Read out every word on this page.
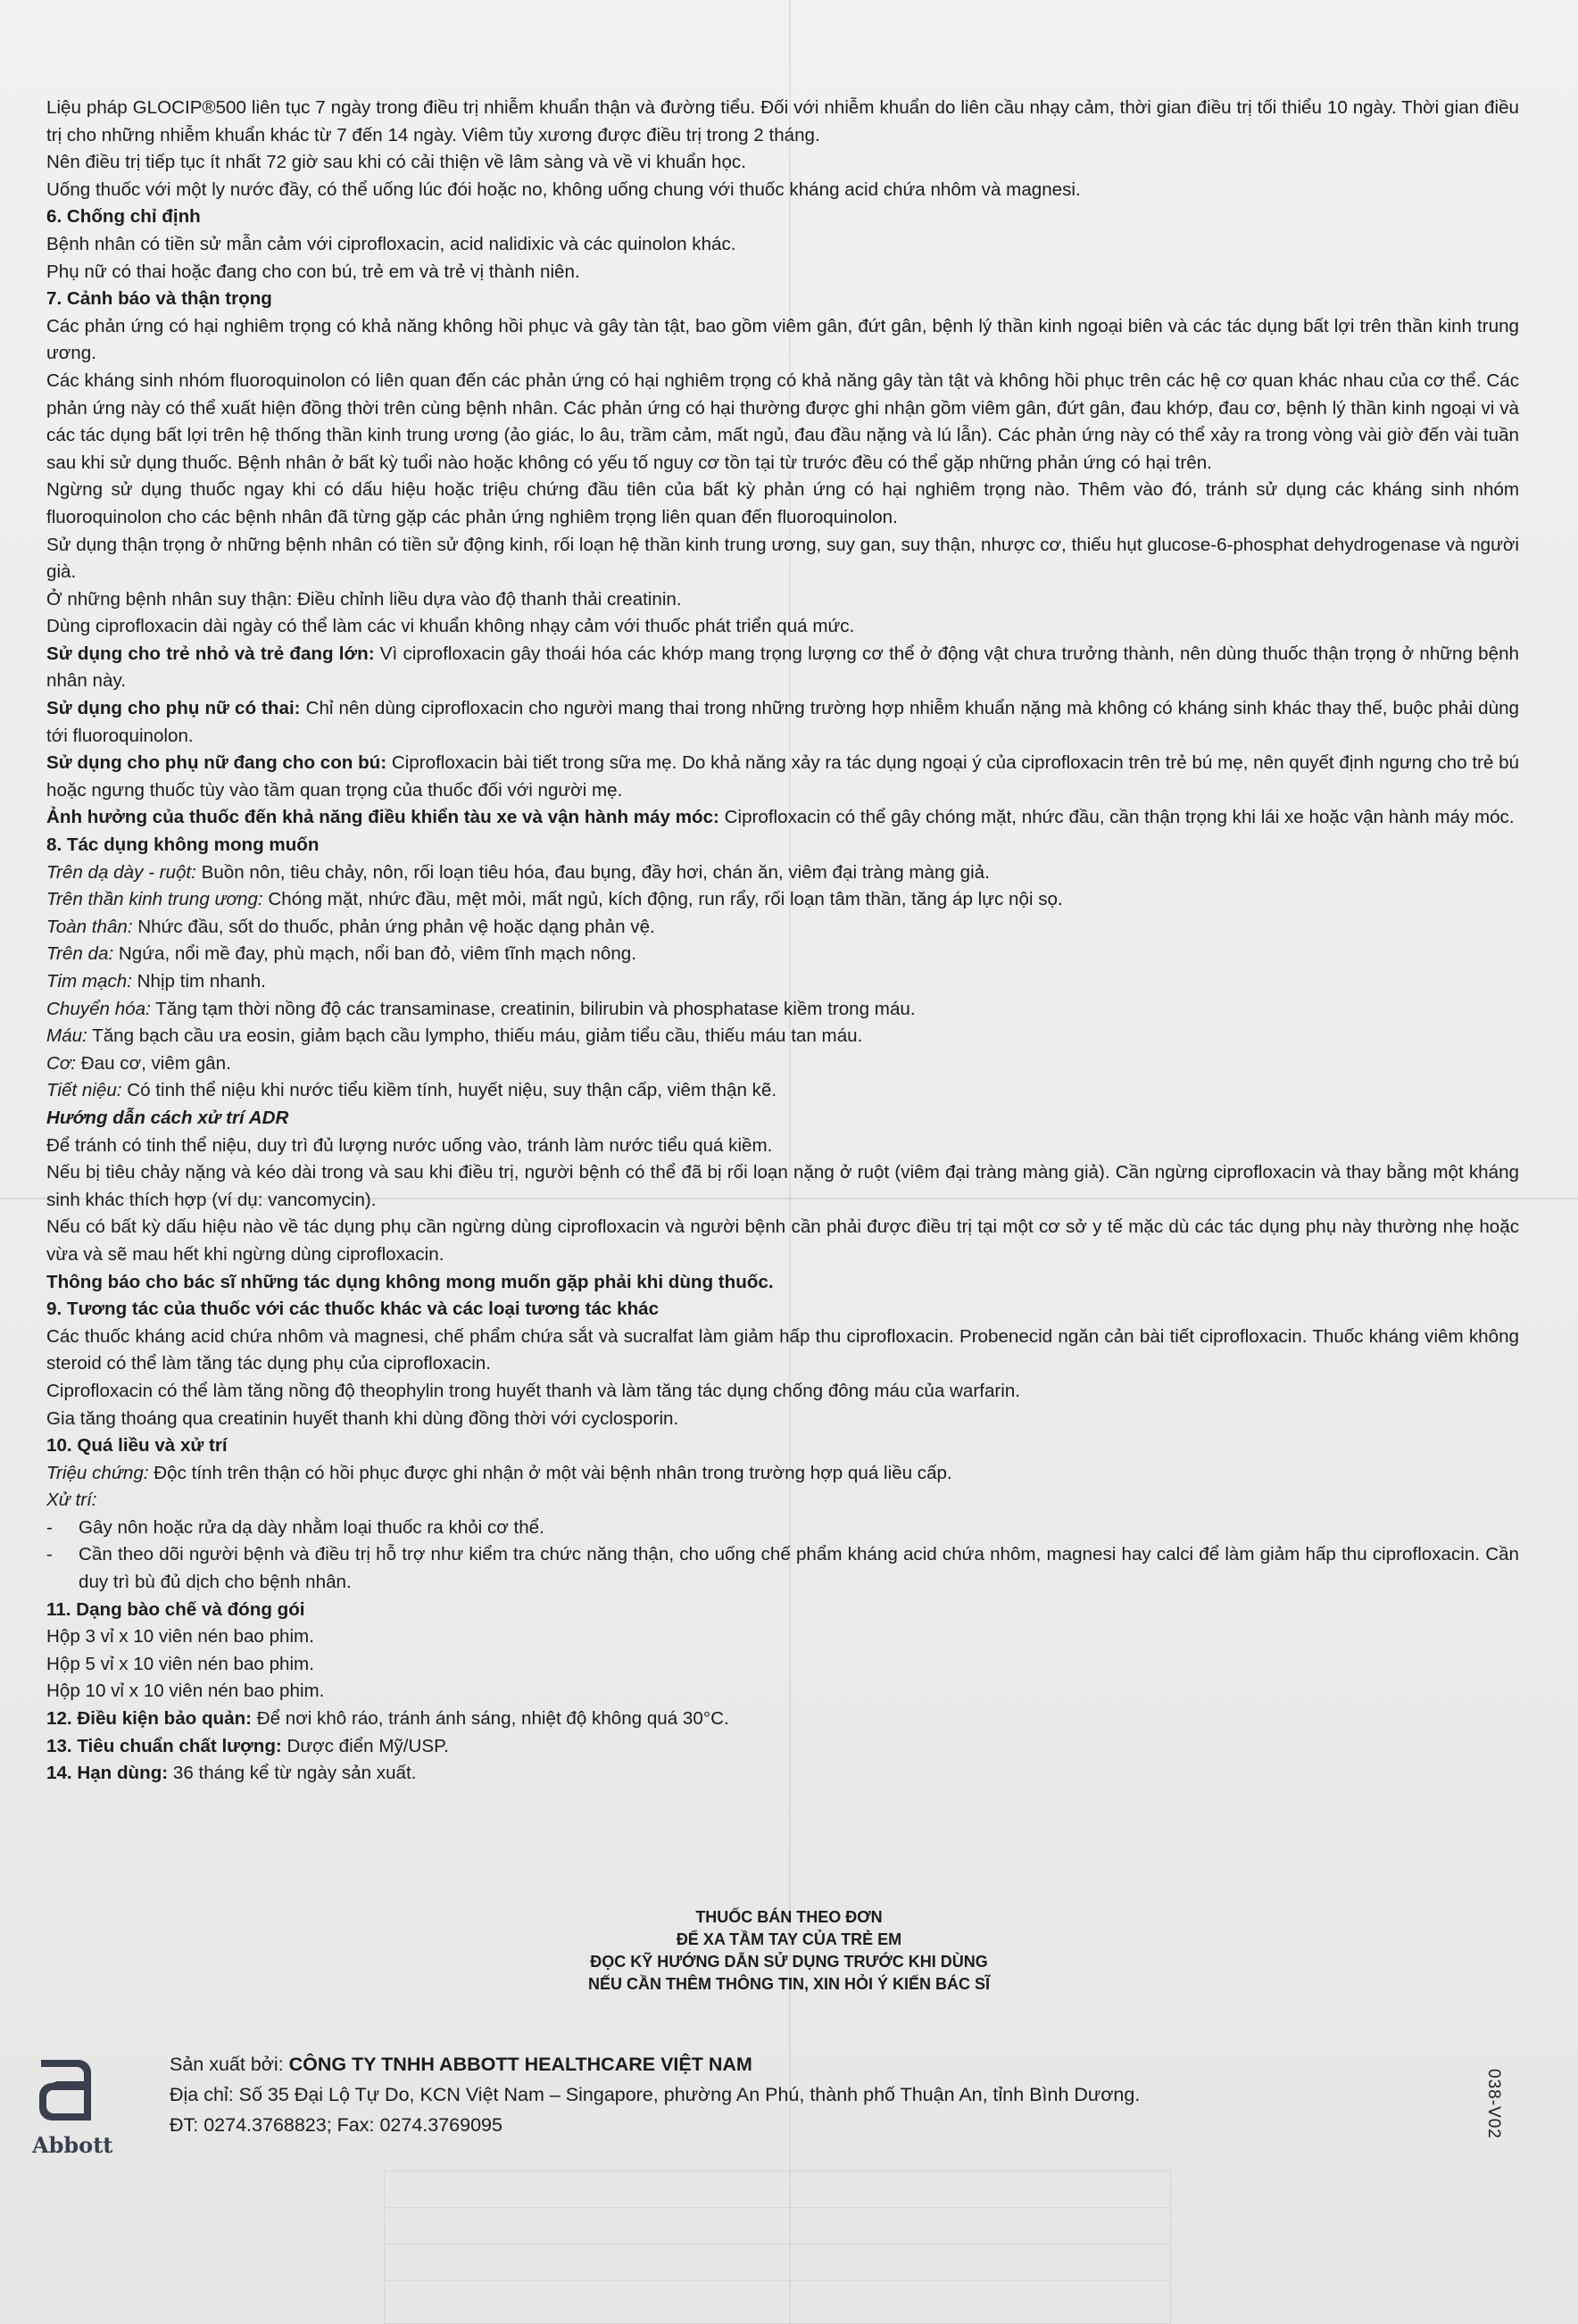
Liệu pháp GLOCIP®500 liên tục 7 ngày trong điều trị nhiễm khuẩn thận và đường tiểu. Đối với nhiễm khuẩn do liên cầu nhạy cảm, thời gian điều trị tối thiểu 10 ngày. Thời gian điều trị cho những nhiễm khuẩn khác từ 7 đến 14 ngày. Viêm tủy xương được điều trị trong 2 tháng.

Nên điều trị tiếp tục ít nhất 72 giờ sau khi có cải thiện về lâm sàng và về vi khuẩn học.

Uống thuốc với một ly nước đầy, có thể uống lúc đói hoặc no, không uống chung với thuốc kháng acid chứa nhôm và magnesi.

6. Chống chỉ định

Bệnh nhân có tiền sử mẫn cảm với ciprofloxacin, acid nalidixic và các quinolon khác.

Phụ nữ có thai hoặc đang cho con bú, trẻ em và trẻ vị thành niên.

7. Cảnh báo và thận trọng

Các phản ứng có hại nghiêm trọng có khả năng không hồi phục và gây tàn tật, bao gồm viêm gân, đứt gân, bệnh lý thần kinh ngoại biên và các tác dụng bất lợi trên thần kinh trung ương.

Các kháng sinh nhóm fluoroquinolon có liên quan đến các phản ứng có hại nghiêm trọng có khả năng gây tàn tật và không hồi phục trên các hệ cơ quan khác nhau của cơ thể. Các phản ứng này có thể xuất hiện đồng thời trên cùng bệnh nhân. Các phản ứng có hại thường được ghi nhận gồm viêm gân, đứt gân, đau khớp, đau cơ, bệnh lý thần kinh ngoại vi và các tác dụng bất lợi trên hệ thống thần kinh trung ương (ảo giác, lo âu, trầm cảm, mất ngủ, đau đầu nặng và lú lẫn). Các phản ứng này có thể xảy ra trong vòng vài giờ đến vài tuần sau khi sử dụng thuốc. Bệnh nhân ở bất kỳ tuổi nào hoặc không có yếu tố nguy cơ tồn tại từ trước đều có thể gặp những phản ứng có hại trên.

Ngừng sử dụng thuốc ngay khi có dấu hiệu hoặc triệu chứng đầu tiên của bất kỳ phản ứng có hại nghiêm trọng nào. Thêm vào đó, tránh sử dụng các kháng sinh nhóm fluoroquinolon cho các bệnh nhân đã từng gặp các phản ứng nghiêm trọng liên quan đến fluoroquinolon.

Sử dụng thận trọng ở những bệnh nhân có tiền sử động kinh, rối loạn hệ thần kinh trung ương, suy gan, suy thận, nhược cơ, thiếu hụt glucose-6-phosphat dehydrogenase và người già.

Ở những bệnh nhân suy thận: Điều chỉnh liều dựa vào độ thanh thải creatinin.

Dùng ciprofloxacin dài ngày có thể làm các vi khuẩn không nhạy cảm với thuốc phát triển quá mức.

Sử dụng cho trẻ nhỏ và trẻ đang lớn: Vì ciprofloxacin gây thoái hóa các khớp mang trọng lượng cơ thể ở động vật chưa trưởng thành, nên dùng thuốc thận trọng ở những bệnh nhân này.

Sử dụng cho phụ nữ có thai: Chỉ nên dùng ciprofloxacin cho người mang thai trong những trường hợp nhiễm khuẩn nặng mà không có kháng sinh khác thay thế, buộc phải dùng tới fluoroquinolon.

Sử dụng cho phụ nữ đang cho con bú: Ciprofloxacin bài tiết trong sữa mẹ. Do khả năng xảy ra tác dụng ngoại ý của ciprofloxacin trên trẻ bú mẹ, nên quyết định ngưng cho trẻ bú hoặc ngưng thuốc tùy vào tầm quan trọng của thuốc đối với người mẹ.

Ảnh hưởng của thuốc đến khả năng điều khiển tàu xe và vận hành máy móc: Ciprofloxacin có thể gây chóng mặt, nhức đầu, cần thận trọng khi lái xe hoặc vận hành máy móc.

8. Tác dụng không mong muốn

Trên dạ dày - ruột: Buồn nôn, tiêu chảy, nôn, rối loạn tiêu hóa, đau bụng, đầy hơi, chán ăn, viêm đại tràng màng giả.

Trên thần kinh trung ương: Chóng mặt, nhức đầu, mệt mỏi, mất ngủ, kích động, run rẩy, rối loạn tâm thần, tăng áp lực nội sọ.

Toàn thân: Nhức đầu, sốt do thuốc, phản ứng phản vệ hoặc dạng phản vệ.

Trên da: Ngứa, nổi mề đay, phù mạch, nổi ban đỏ, viêm tĩnh mạch nông.

Tim mạch: Nhịp tim nhanh.

Chuyển hóa: Tăng tạm thời nồng độ các transaminase, creatinin, bilirubin và phosphatase kiềm trong máu.

Máu: Tăng bạch cầu ưa eosin, giảm bạch cầu lympho, thiếu máu, giảm tiểu cầu, thiếu máu tan máu.

Cơ: Đau cơ, viêm gân.

Tiết niệu: Có tinh thể niệu khi nước tiểu kiềm tính, huyết niệu, suy thận cấp, viêm thận kẽ.

Hướng dẫn cách xử trí ADR

Để tránh có tinh thể niệu, duy trì đủ lượng nước uống vào, tránh làm nước tiểu quá kiềm.

Nếu bị tiêu chảy nặng và kéo dài trong và sau khi điều trị, người bệnh có thể đã bị rối loạn nặng ở ruột (viêm đại tràng màng giả). Cần ngừng ciprofloxacin và thay bằng một kháng sinh khác thích hợp (ví dụ: vancomycin).

Nếu có bất kỳ dấu hiệu nào về tác dụng phụ cần ngừng dùng ciprofloxacin và người bệnh cần phải được điều trị tại một cơ sở y tế mặc dù các tác dụng phụ này thường nhẹ hoặc vừa và sẽ mau hết khi ngừng dùng ciprofloxacin.

Thông báo cho bác sĩ những tác dụng không mong muốn gặp phải khi dùng thuốc.

9. Tương tác của thuốc với các thuốc khác và các loại tương tác khác

Các thuốc kháng acid chứa nhôm và magnesi, chế phẩm chứa sắt và sucralfat làm giảm hấp thu ciprofloxacin. Probenecid ngăn cản bài tiết ciprofloxacin. Thuốc kháng viêm không steroid có thể làm tăng tác dụng phụ của ciprofloxacin.

Ciprofloxacin có thể làm tăng nồng độ theophylin trong huyết thanh và làm tăng tác dụng chống đông máu của warfarin.

Gia tăng thoáng qua creatinin huyết thanh khi dùng đồng thời với cyclosporin.

10. Quá liều và xử trí

Triệu chứng: Độc tính trên thận có hồi phục được ghi nhận ở một vài bệnh nhân trong trường hợp quá liều cấp.

Xử trí:

-	Gây nôn hoặc rửa dạ dày nhằm loại thuốc ra khỏi cơ thể.
-	Cần theo dõi người bệnh và điều trị hỗ trợ như kiểm tra chức năng thận, cho uống chế phẩm kháng acid chứa nhôm, magnesi hay calci để làm giảm hấp thu ciprofloxacin. Cần duy trì bù đủ dịch cho bệnh nhân.

11. Dạng bào chế và đóng gói

Hộp 3 vỉ x 10 viên nén bao phim.

Hộp 5 vỉ x 10 viên nén bao phim.

Hộp 10 vỉ x 10 viên nén bao phim.

12. Điều kiện bảo quản: Để nơi khô ráo, tránh ánh sáng, nhiệt độ không quá 30°C.

13. Tiêu chuẩn chất lượng: Dược điển Mỹ/USP.

14. Hạn dùng: 36 tháng kể từ ngày sản xuất.

THUỐC BÁN THEO ĐƠN

ĐỂ XA TẦM TAY CỦA TRẺ EM

ĐỌC KỸ HƯỚNG DẪN SỬ DỤNG TRƯỚC KHI DÙNG

NẾU CẦN THÊM THÔNG TIN, XIN HỎI Ý KIẾN BÁC SĨ

Abbott

Sản xuất bởi: CÔNG TY TNHH ABBOTT HEALTHCARE VIỆT NAM

Địa chỉ: Số 35 Đại Lộ Tự Do, KCN Việt Nam – Singapore, phường An Phú, thành phố Thuận An, tỉnh Bình Dương.

ĐT: 0274.3768823; Fax: 0274.3769095	038-V02
